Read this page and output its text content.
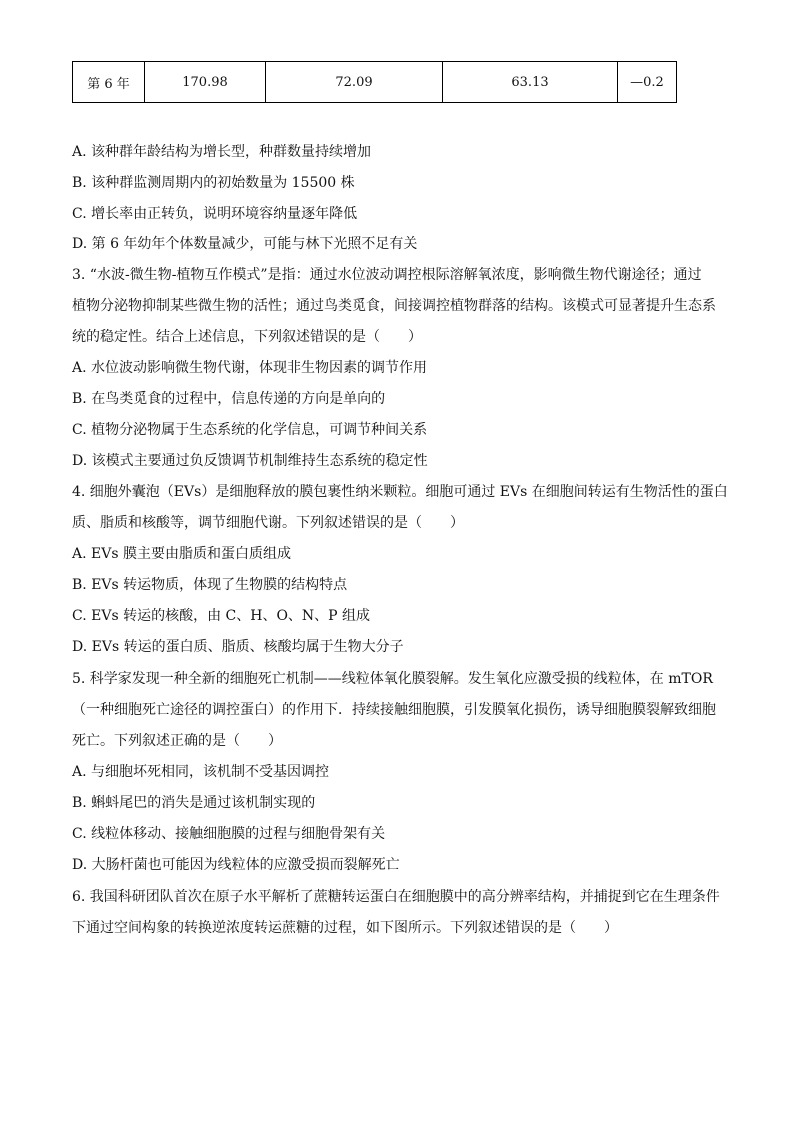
第 6 年	170.98	72.09	63.13	—0.2
A. 该种群年龄结构为增长型，种群数量持续增加
B. 该种群监测周期内的初始数量为 15500 株
C. 增长率由正转负，说明环境容纳量逐年降低
D. 第 6 年幼年个体数量减少，可能与林下光照不足有关
3. “水波-微生物-植物互作模式”是指：通过水位波动调控根际溶解氧浓度，影响微生物代谢途径；通过
植物分泌物抑制某些微生物的活性；通过鸟类觅食，间接调控植物群落的结构。该模式可显著提升生态系
统的稳定性。结合上述信息，下列叙述错误的是（　　）
A. 水位波动影响微生物代谢，体现非生物因素的调节作用
B. 在鸟类觅食的过程中，信息传递的方向是单向的
C. 植物分泌物属于生态系统的化学信息，可调节种间关系
D. 该模式主要通过负反馈调节机制维持生态系统的稳定性
4. 细胞外囊泡（EVs）是细胞释放的膜包裹性纳米颗粒。细胞可通过 EVs 在细胞间转运有生物活性的蛋白
质、脂质和核酸等，调节细胞代谢。下列叙述错误的是（　　）
A. EVs 膜主要由脂质和蛋白质组成
B. EVs 转运物质，体现了生物膜的结构特点
C. EVs 转运的核酸，由 C、H、O、N、P 组成
D. EVs 转运的蛋白质、脂质、核酸均属于生物大分子
5. 科学家发现一种全新的细胞死亡机制——线粒体氧化膜裂解。发生氧化应激受损的线粒体，在 mTOR
（一种细胞死亡途径的调控蛋白）的作用下．持续接触细胞膜，引发膜氧化损伤，诱导细胞膜裂解致细胞
死亡。下列叙述正确的是（　　）
A. 与细胞坏死相同，该机制不受基因调控
B. 蝌蚪尾巴的消失是通过该机制实现的
C. 线粒体移动、接触细胞膜的过程与细胞骨架有关
D. 大肠杆菌也可能因为线粒体的应激受损而裂解死亡
6. 我国科研团队首次在原子水平解析了蔗糖转运蛋白在细胞膜中的高分辨率结构，并捕捉到它在生理条件
下通过空间构象的转换逆浓度转运蔗糖的过程，如下图所示。下列叙述错误的是（　　）
